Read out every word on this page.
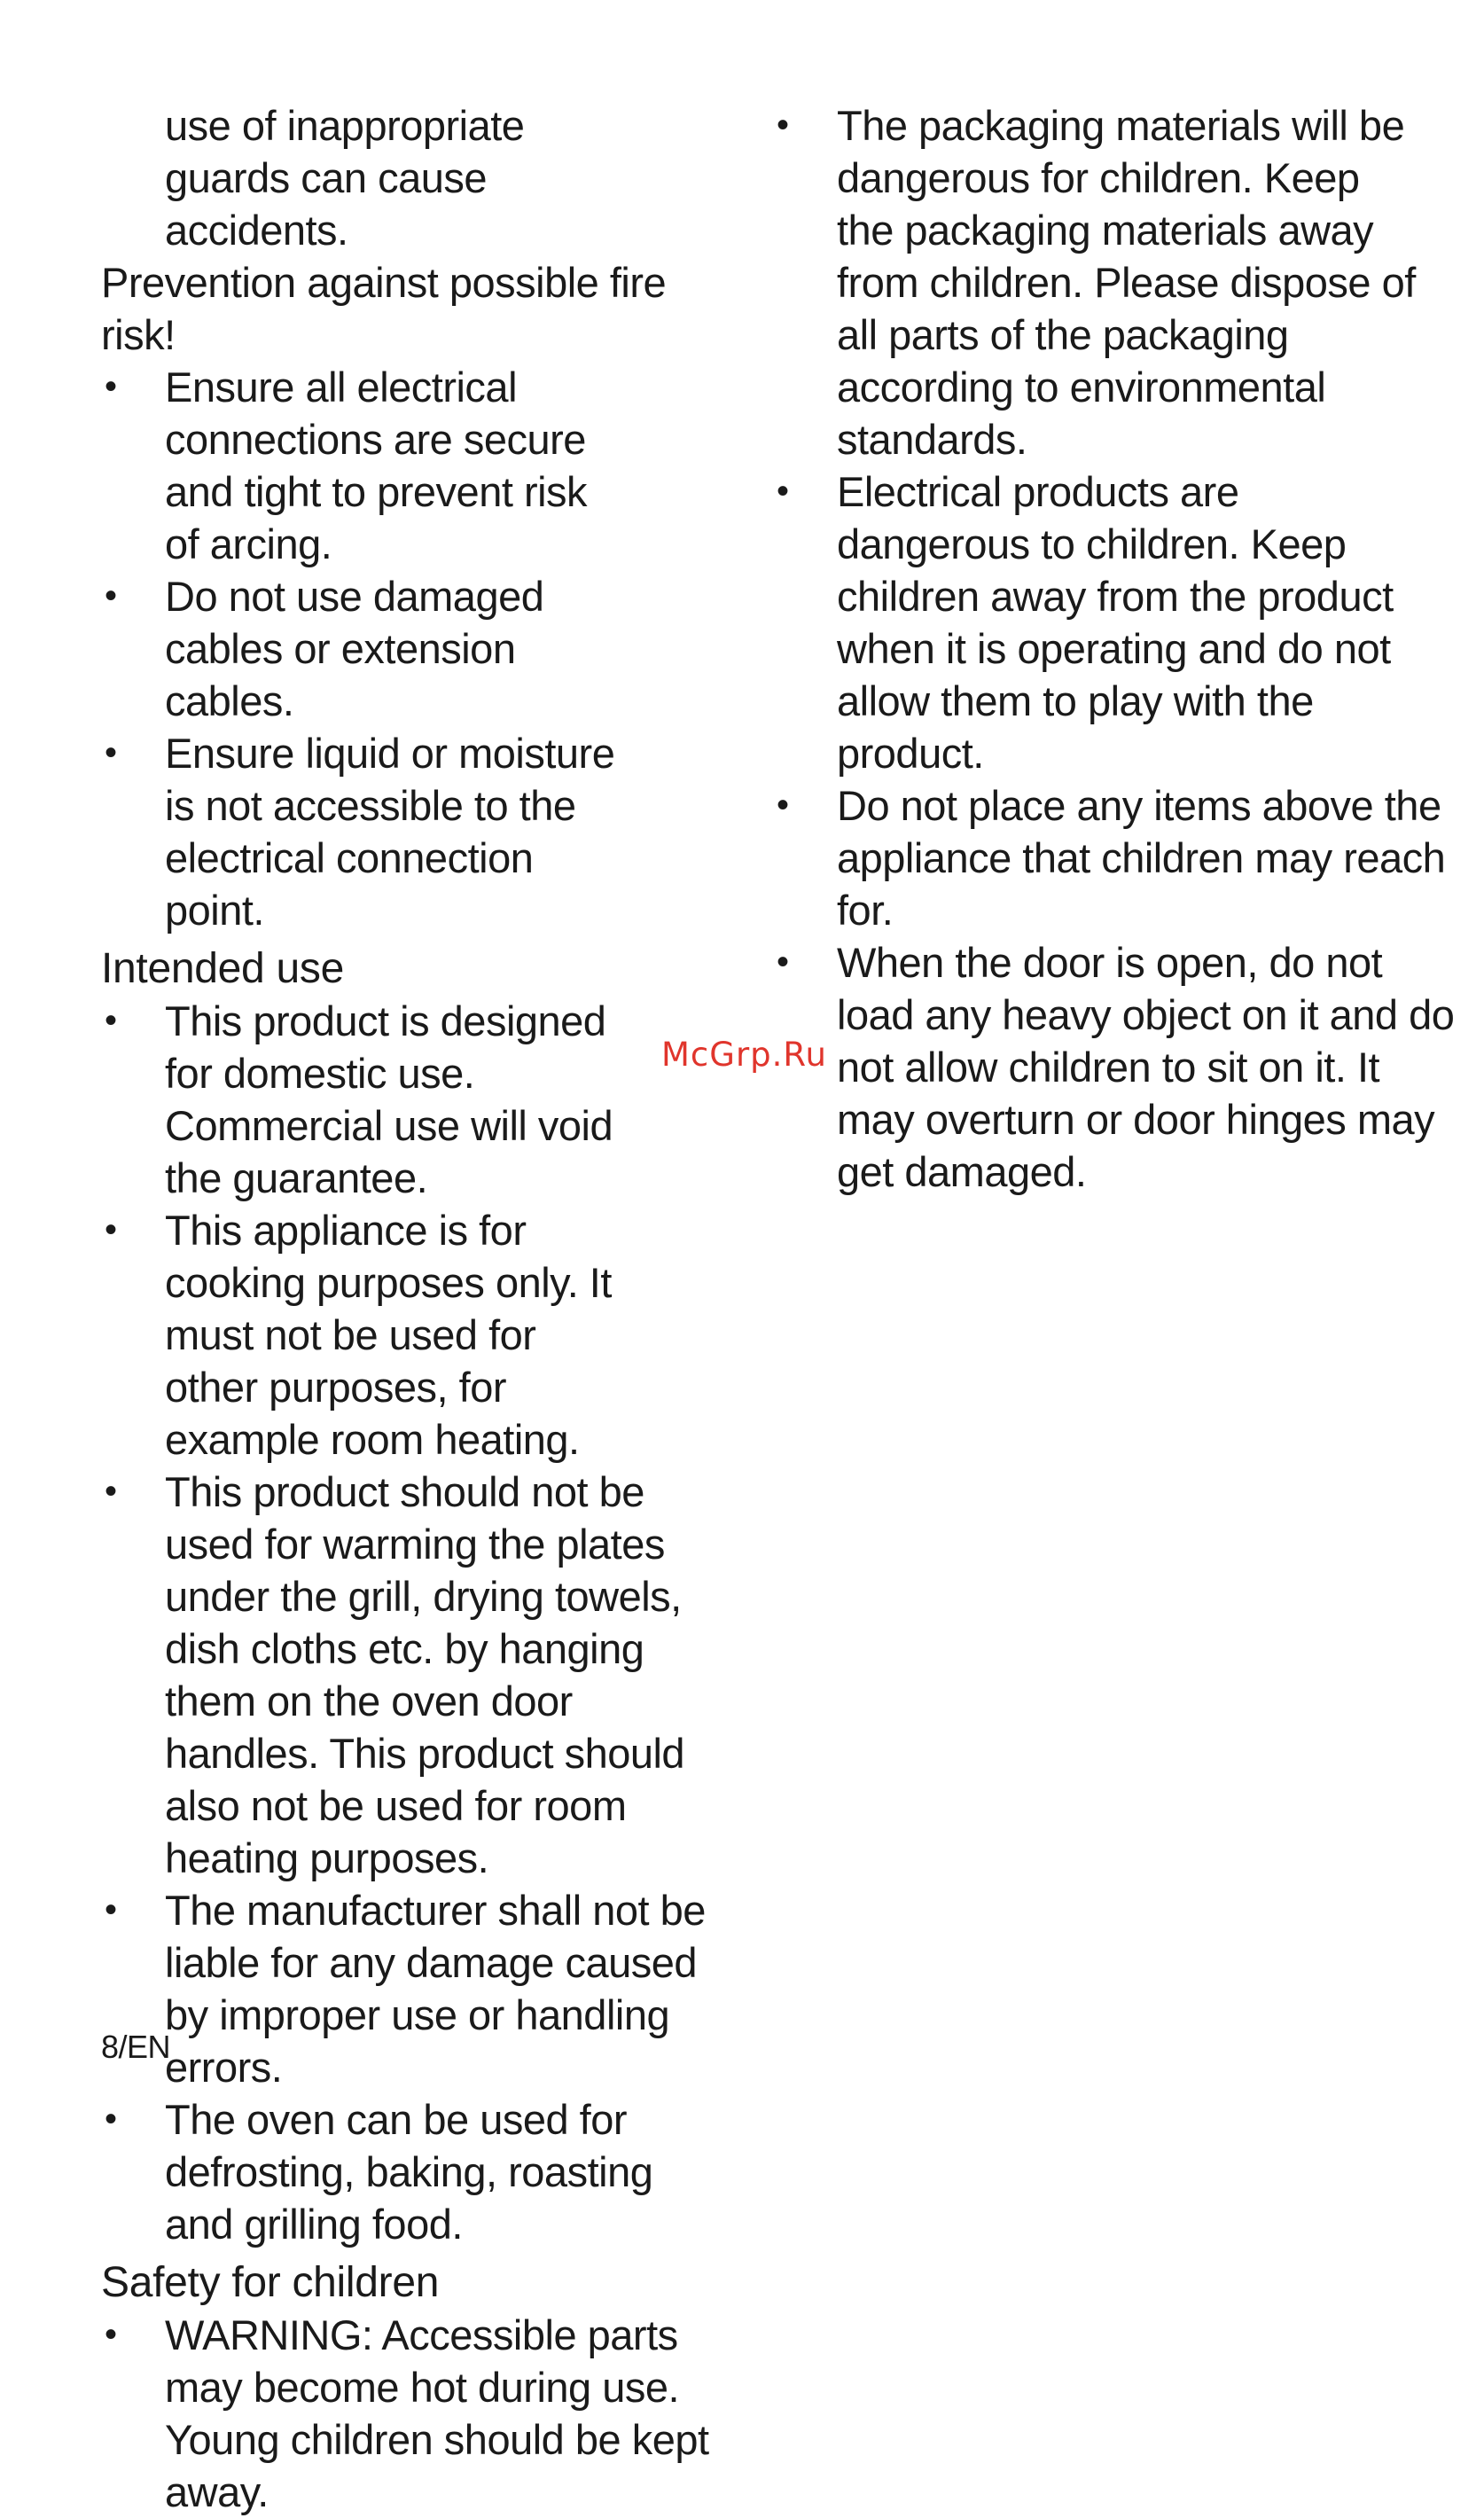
use of inappropriate guards can cause accidents.
Prevention against possible fire risk!
• Ensure all electrical connections are secure and tight to prevent risk of arcing.
• Do not use damaged cables or extension cables.
• Ensure liquid or moisture is not accessible to the electrical connection point.
Intended use
• This product is designed for domestic use. Commercial use will void the guarantee.
• This appliance is for cooking purposes only. It must not be used for other purposes, for example room heating.
• This product should not be used for warming the plates under the grill, drying towels, dish cloths etc. by hanging them on the oven door handles. This product should also not be used for room heating purposes.
• The manufacturer shall not be liable for any damage caused by improper use or handling errors.
• The oven can be used for defrosting, baking, roasting and grilling food.
Safety for children
• WARNING: Accessible parts may become hot during use. Young children should be kept away.
• The packaging materials will be dangerous for children. Keep the packaging materials away from children. Please dispose of all parts of the packaging according to environmental standards.
• Electrical products are dangerous to children. Keep children away from the product when it is operating and do not allow them to play with the product.
• Do not place any items above the appliance that children may reach for.
• When the door is open, do not load any heavy object on it and do not allow children to sit on it. It may overturn or door hinges may get damaged.
McGrp.Ru
8/EN
